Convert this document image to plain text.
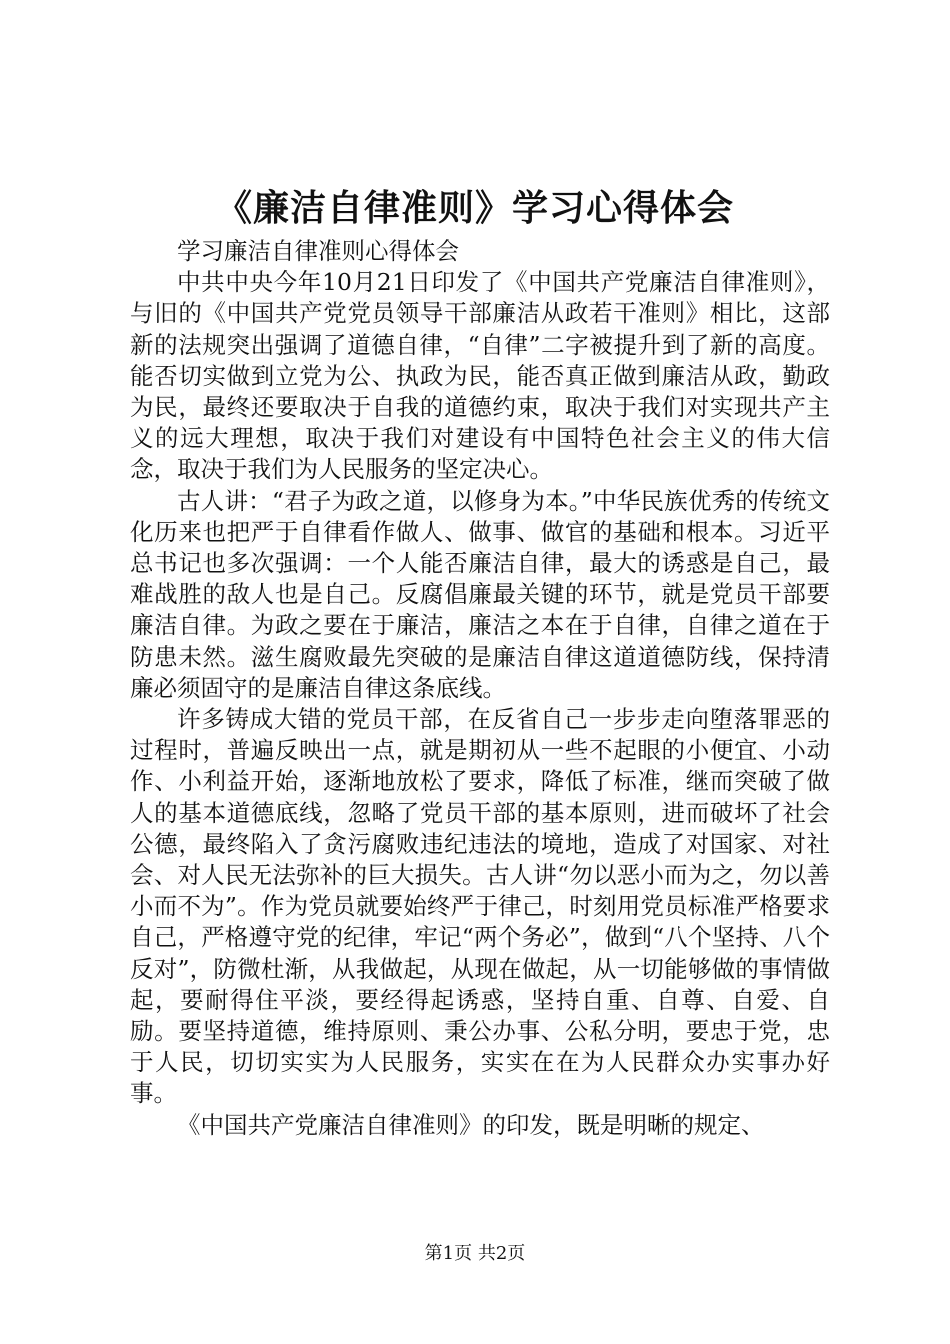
《廉洁自律准则》学习心得体会

学习廉洁自律准则心得体会

中共中央今年10月21日印发了《中国共产党廉洁自律准则》，与旧的《中国共产党党员领导干部廉洁从政若干准则》相比，这部新的法规突出强调了道德自律，“自律”二字被提升到了新的高度。能否切实做到立党为公、执政为民，能否真正做到廉洁从政，勤政为民，最终还要取决于自我的道德约束，取决于我们对实现共产主义的远大理想，取决于我们对建设有中国特色社会主义的伟大信念，取决于我们为人民服务的坚定决心。

古人讲：“君子为政之道，以修身为本。”中华民族优秀的传统文化历来也把严于自律看作做人、做事、做官的基础和根本。习近平总书记也多次强调：一个人能否廉洁自律，最大的诱惑是自己，最难战胜的敌人也是自己。反腐倡廉最关键的环节，就是党员干部要廉洁自律。为政之要在于廉洁，廉洁之本在于自律，自律之道在于防患未然。滋生腐败最先突破的是廉洁自律这道道德防线，保持清廉必须固守的是廉洁自律这条底线。

许多铸成大错的党员干部，在反省自己一步步走向堕落罪恶的过程时，普遍反映出一点，就是期初从一些不起眼的小便宜、小动作、小利益开始，逐渐地放松了要求，降低了标准，继而突破了做人的基本道德底线，忽略了党员干部的基本原则，进而破坏了社会公德，最终陷入了贪污腐败违纪违法的境地，造成了对国家、对社会、对人民无法弥补的巨大损失。古人讲“勿以恶小而为之，勿以善小而不为”。作为党员就要始终严于律己，时刻用党员标准严格要求自己，严格遵守党的纪律，牢记“两个务必”，做到“八个坚持、八个反对”，防微杜渐，从我做起，从现在做起，从一切能够做的事情做起，要耐得住平淡，要经得起诱惑，坚持自重、自尊、自爱、自励。要坚持道德，维持原则、秉公办事、公私分明，要忠于党，忠于人民，切切实实为人民服务，实实在在为人民群众办实事办好事。

《中国共产党廉洁自律准则》的印发，既是明晰的规定、

第1页 共2页
